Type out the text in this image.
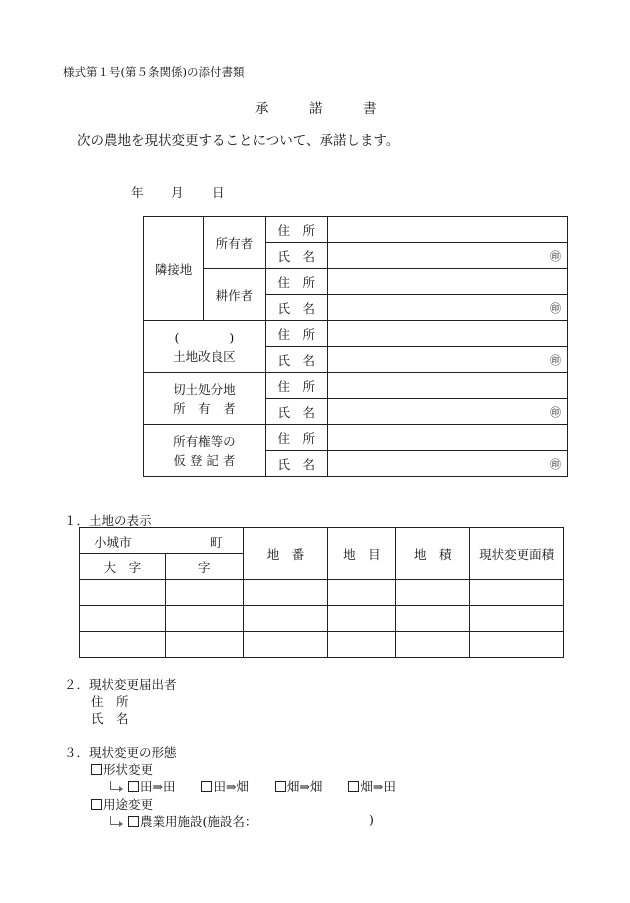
様式第１号(第５条関係)の添付書類
承　　　諾　　　書
次の農地を現状変更することについて、承諾します。
年 月 日
隣接地	所有者	住　所	
		氏　名	㊞
	耕作者	住　所	
		氏　名	㊞

(　　　　)
土地改良区		住　所	
		氏　名	㊞

切土処分地
所　有　者		住　所	
		氏　名	㊞

所有権等の
仮 登 記 者		住　所	
		氏　名	㊞
１．土地の表示
小城市 町		地　番	地　目	地　積	現状変更面積
大　字	字				

２．現状変更届出者
住　所
氏　名
３．現状変更の形態
形状変更
田⇒田	田⇒畑	畑⇒畑	畑⇒田
用途変更
農業用施設(施設名：	)
